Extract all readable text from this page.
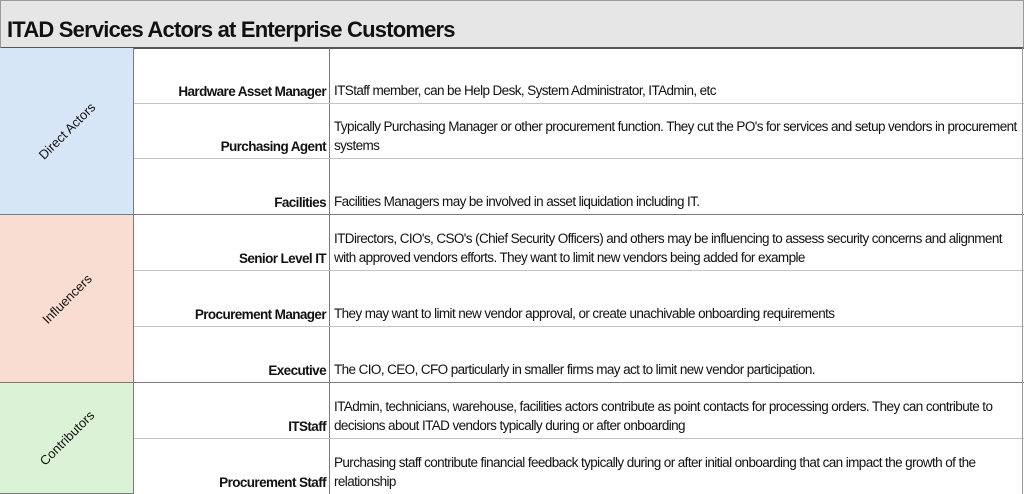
ITAD Services Actors at Enterprise Customers
Direct Actors
Influencers
Contributors
Hardware Asset Manager ITStaff member, can be Help Desk, System Administrator, ITAdmin, etc
Purchasing Agent
Typically Purchasing Manager or other procurement function. They cut the PO's for services and setup vendors in procurement systems
Facilities Facilities Managers may be involved in asset liquidation including IT.
Senior Level IT
ITDirectors, CIO's, CSO's (Chief Security Officers) and others may be influencing to assess security concerns and alignment with approved vendors efforts. They want to limit new vendors being added for example
Procurement Manager They may want to limit new vendor approval, or create unachivable onboarding requirements
Executive The CIO, CEO, CFO particularly in smaller firms may act to limit new vendor participation.
ITStaff
ITAdmin, technicians, warehouse, facilities actors contribute as point contacts for processing orders. They can contribute to decisions about ITAD vendors typically during or after onboarding
Procurement Staff
Purchasing staff contribute financial feedback typically during or after initial onboarding that can impact the growth of the relationship
